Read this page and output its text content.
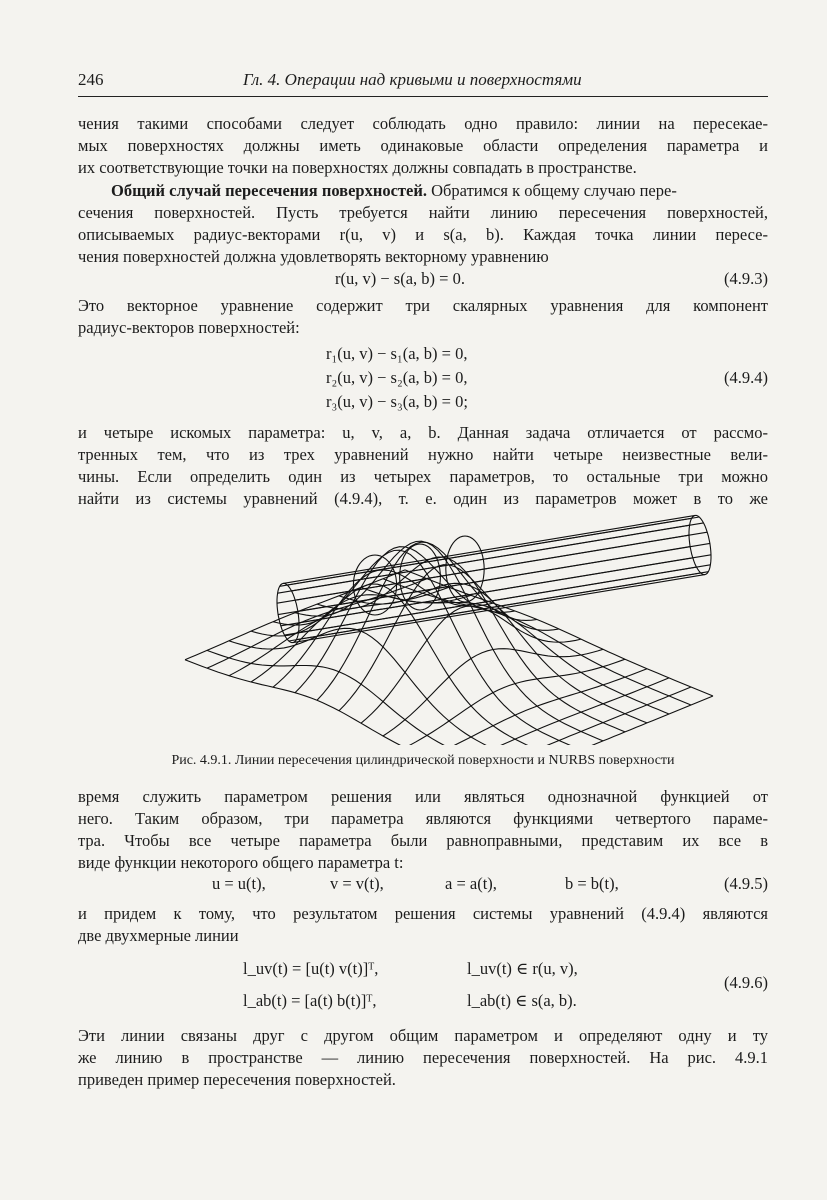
246	Гл. 4. Операции над кривыми и поверхностями
чения такими способами следует соблюдать одно правило: линии на пересекае-
мых поверхностях должны иметь одинаковые области определения параметра и
их соответствующие точки на поверхностях должны совпадать в пространстве.
Общий случай пересечения поверхностей. Обратимся к общему случаю пере-
сечения поверхностей. Пусть требуется найти линию пересечения поверхностей,
описываемых радиус-векторами r(u, v) и s(a, b). Каждая точка линии пересе-
чения поверхностей должна удовлетворять векторному уравнению
r(u, v) − s(a, b) = 0.	(4.9.3)
Это векторное уравнение содержит три скалярных уравнения для компонент
радиус-векторов поверхностей:
r₁(u, v) − s₁(a, b) = 0,
r₂(u, v) − s₂(a, b) = 0,
r₃(u, v) − s₃(a, b) = 0;
(4.9.4)
и четыре искомых параметра: u, v, a, b. Данная задача отличается от рассмо-
тренных тем, что из трех уравнений нужно найти четыре неизвестные вели-
чины. Если определить один из четырех параметров, то остальные три можно
найти из системы уравнений (4.9.4), т. е. один из параметров может в то же
Рис. 4.9.1. Линии пересечения цилиндрической поверхности и NURBS поверхности
время служить параметром решения или являться однозначной функцией от
него. Таким образом, три параметра являются функциями четвертого параме-
тра. Чтобы все четыре параметра были равноправными, представим их все в
виде функции некоторого общего параметра t:
u = u(t),	v = v(t),	a = a(t),	b = b(t),	(4.9.5)
и придем к тому, что результатом решения системы уравнений (4.9.4) являются
две двухмерные линии
l_uv(t) = [u(t) v(t)]ᵀ,	l_uv(t) ∈ r(u, v),
l_ab(t) = [a(t) b(t)]ᵀ,	l_ab(t) ∈ s(a, b).
(4.9.6)
Эти линии связаны друг с другом общим параметром и определяют одну и ту
же линию в пространстве — линию пересечения поверхностей. На рис. 4.9.1
приведен пример пересечения поверхностей.
